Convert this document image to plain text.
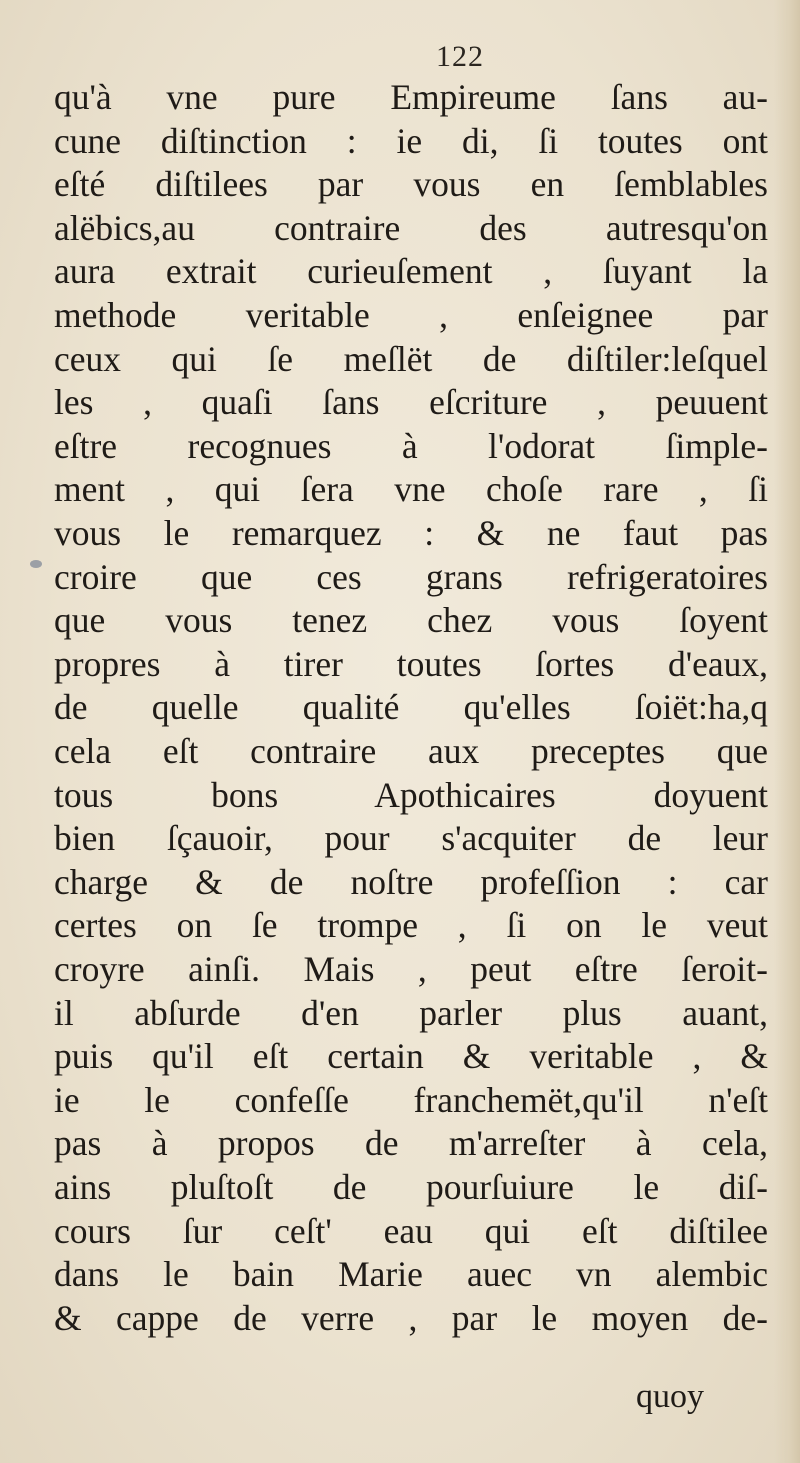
122
qu'à vne pure Empireume ſans au-
cune diſtinction : ie di, ſi toutes ont
eſté diſtilees par vous en ſemblables
alëbics,au contraire des autresqu'on
aura extrait curieuſement , ſuyant la
methode veritable , enſeignee par
ceux qui ſe meſlët de diſtiler:leſquel
les , quaſi ſans eſcriture , peuuent
eſtre recognues à l'odorat ſimple-
ment , qui ſera vne choſe rare , ſi
vous le remarquez : & ne faut pas
croire que ces grans refrigeratoires
que vous tenez chez vous ſoyent
propres à tirer toutes ſortes d'eaux,
de quelle qualité qu'elles ſoiët:ha,q
cela eſt contraire aux preceptes que
tous bons Apothicaires doyuent
bien ſçauoir, pour s'acquiter de leur
charge & de noſtre profeſſion : car
certes on ſe trompe , ſi on le veut
croyre ainſi. Mais , peut eſtre ſeroit-
il abſurde d'en parler plus auant,
puis qu'il eſt certain & veritable , &
ie le confeſſe franchemët,qu'il n'eſt
pas à propos de m'arreſter à cela,
ains pluſtoſt de pourſuiure le diſ-
cours ſur ceſt' eau qui eſt diſtilee
dans le bain Marie auec vn alembic
& cappe de verre , par le moyen de-
quoy
